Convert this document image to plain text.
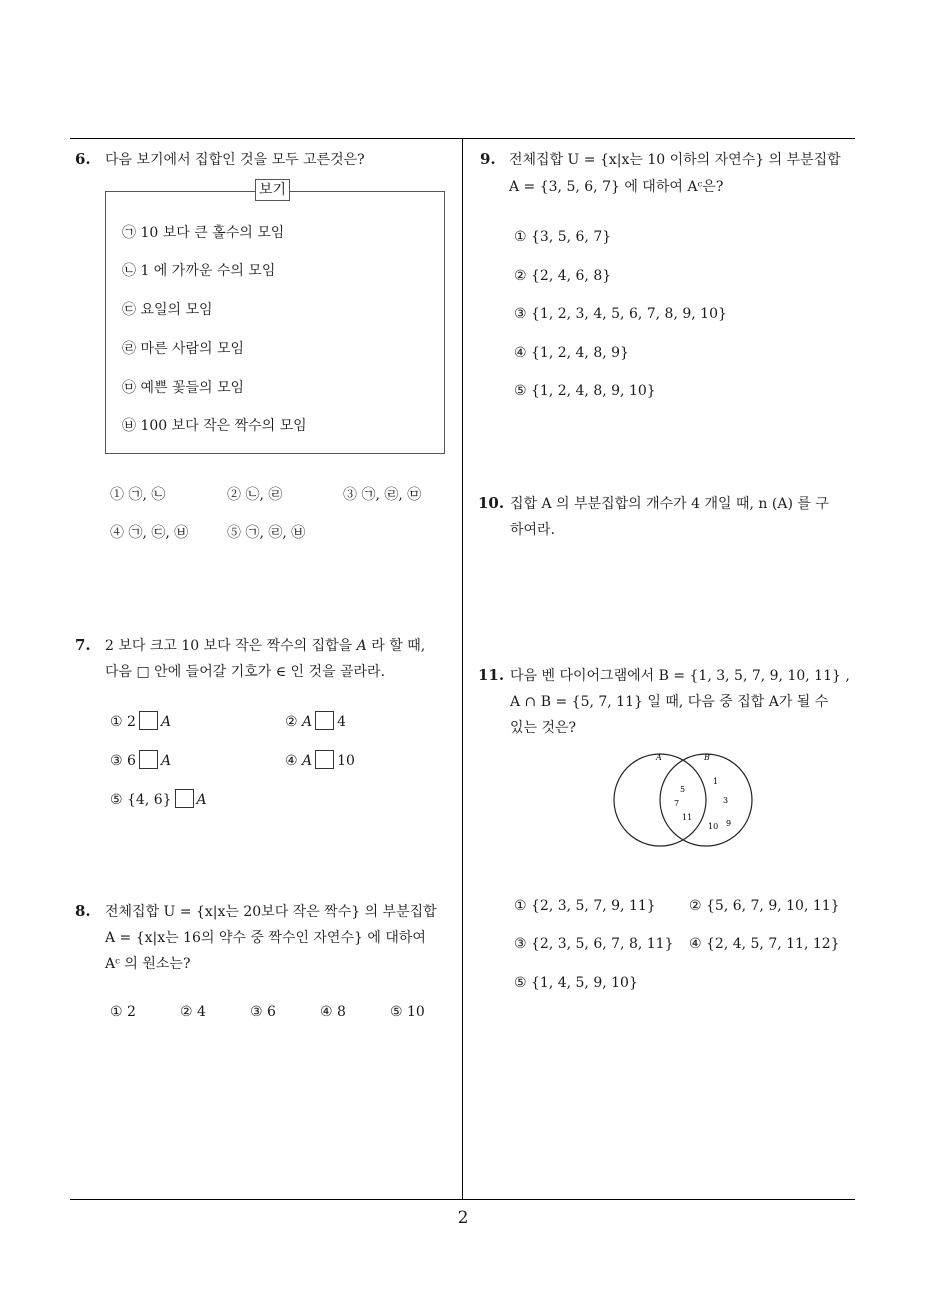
6. 다음 보기에서 집합인 것을 모두 고른것은?
보기
㉠ 10 보다 큰 홀수의 모임
㉡ 1 에 가까운 수의 모임
㉢ 요일의 모임
㉣ 마른 사람의 모임
㉤ 예쁜 꽃들의 모임
㉥ 100 보다 작은 짝수의 모임
① ㉠, ㉡	② ㉡, ㉣	③ ㉠, ㉣, ㉤
④ ㉠, ㉢, ㉥	⑤ ㉠, ㉣, ㉥
7. 2 보다 크고 10 보다 작은 짝수의 집합을 A 라 할 때,
다음 □ 안에 들어갈 기호가 ∈ 인 것을 골라라.
① 2 A	② A 4
③ 6 A	④ A 10
⑤ {4, 6} A
8. 전체집합 U = {x|x는 20보다 작은 짝수} 의 부분집합
A = {x|x는 16의 약수 중 짝수인 자연수} 에 대하여
Aᶜ 의 원소는?
① 2	② 4	③ 6	④ 8	⑤ 10
9. 전체집합 U = {x|x는 10 이하의 자연수} 의 부분집합
A = {3, 5, 6, 7} 에 대하여 Aᶜ은?
① {3, 5, 6, 7}
② {2, 4, 6, 8}
③ {1, 2, 3, 4, 5, 6, 7, 8, 9, 10}
④ {1, 2, 4, 8, 9}
⑤ {1, 2, 4, 8, 9, 10}
10. 집합 A 의 부분집합의 개수가 4 개일 때, n (A) 를 구
하여라.
11. 다음 벤 다이어그램에서 B = {1, 3, 5, 7, 9, 10, 11} ,
A ∩ B = {5, 7, 11} 일 때, 다음 중 집합 A가 될 수
있는 것은?
A	B
5
7
11
1
3
10 9
① {2, 3, 5, 7, 9, 11} ② {5, 6, 7, 9, 10, 11}
③ {2, 3, 5, 6, 7, 8, 11} ④ {2, 4, 5, 7, 11, 12}
⑤ {1, 4, 5, 9, 10}
2
